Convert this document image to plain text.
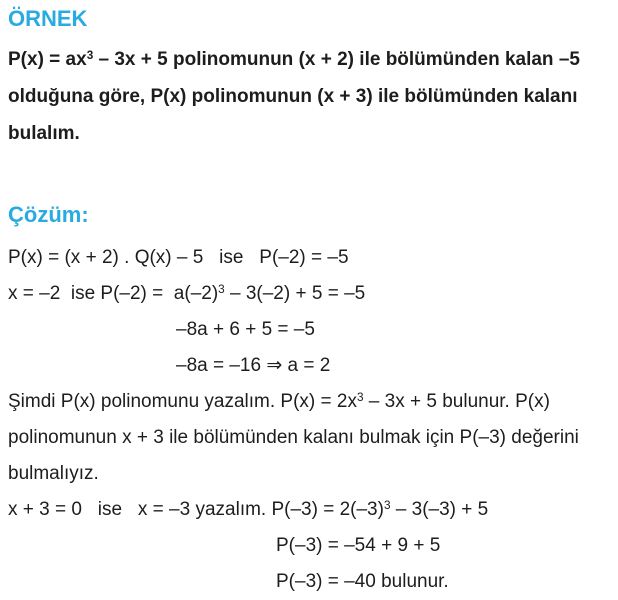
ÖRNEK
$P(x) = ax^3 - 3x + 5$ polinomunun (x + 2) ile bölümünden kalan –5
olduğuna göre, P(x) polinomunun (x + 3) ile bölümünden kalanı
bulalım.
Çözüm:
P(x) = (x + 2) . Q(x) – 5   ise   P(–2) = –5
x = –2  ise $P(-2) = a(-2)^3 - 3(-2) + 5 = -5$
–8a + 6 + 5 = –5
–8a = –16 ⇒ a = 2
Şimdi P(x) polinomunu yazalım. $P(x) = 2x^3 - 3x + 5$ bulunur. P(x)
polinomunun x + 3 ile bölümünden kalanı bulmak için P(–3) değerini
bulmalıyız.
x + 3 = 0   ise   x = –3 yazalım. $P(-3) = 2(-3)^3 - 3(-3) + 5$
P(–3) = –54 + 9 + 5
P(–3) = –40 bulunur.
